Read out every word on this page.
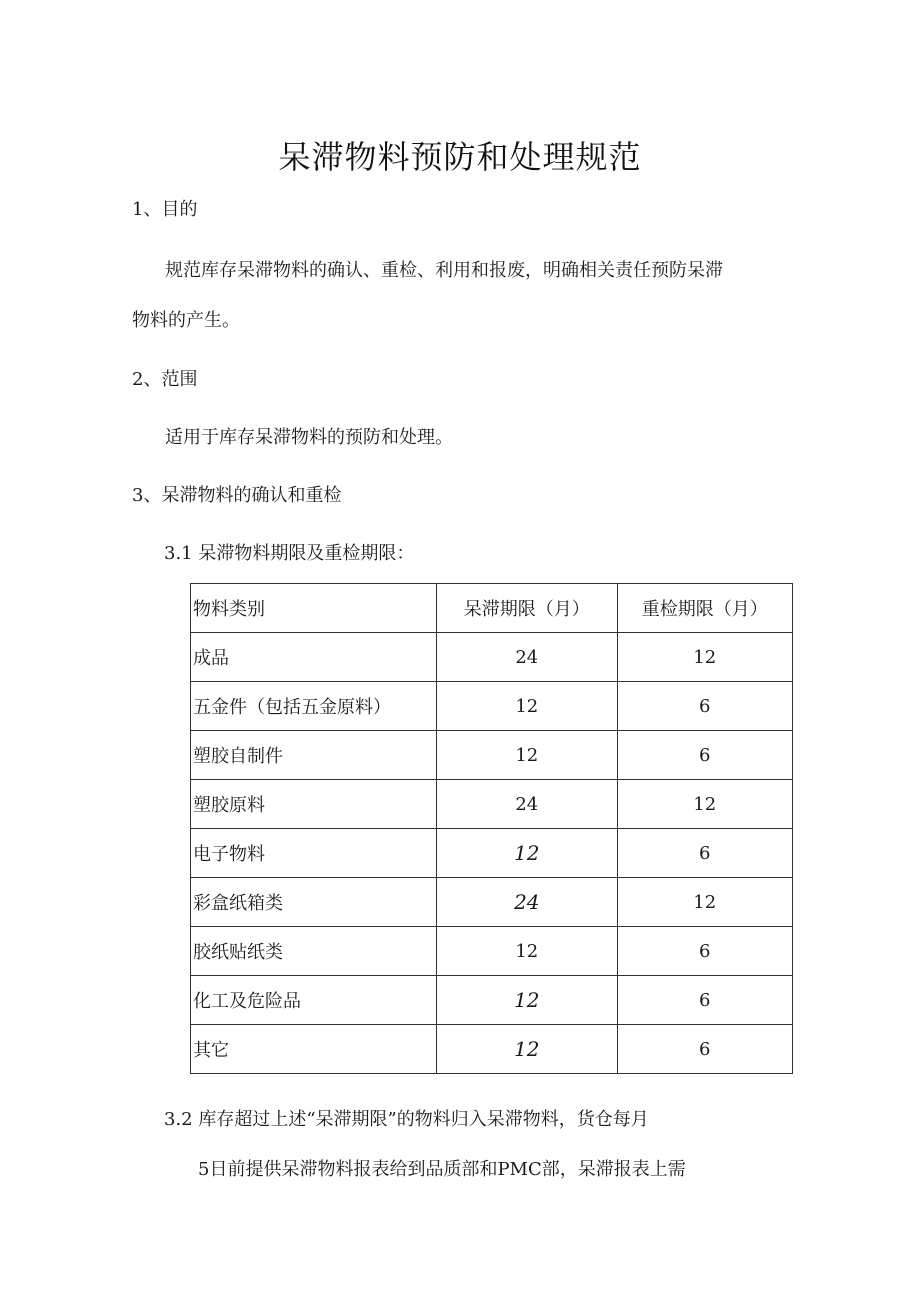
呆滞物料预防和处理规范
1、目的
规范库存呆滞物料的确认、重检、利用和报废，明确相关责任预防呆滞
物料的产生。
2、范围
适用于库存呆滞物料的预防和处理。
3、呆滞物料的确认和重检
3.1 呆滞物料期限及重检期限：
物料类别	呆滞期限（月）	重检期限（月）
成品	24	12
五金件（包括五金原料）	12	6
塑胶自制件	12	6
塑胶原料	24	12
电子物料	12	6
彩盒纸箱类	24	12
胶纸贴纸类	12	6
化工及危险品	12	6
其它	12	6
3.2 库存超过上述“呆滞期限”的物料归入呆滞物料，货仓每月
5日前提供呆滞物料报表给到品质部和PMC部，呆滞报表上需
